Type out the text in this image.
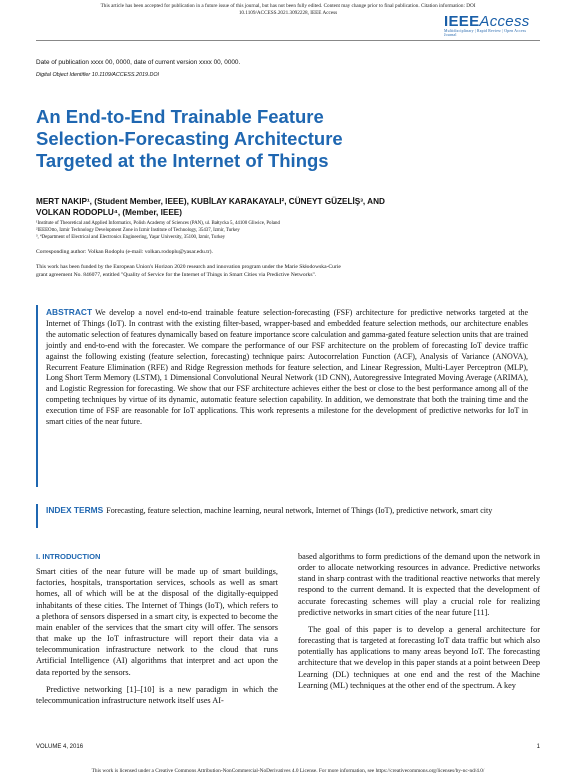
This article has been accepted for publication in a future issue of this journal, but has not been fully edited. Content may change prior to final publication. Citation information: DOI
10.1109/ACCESS.2021.3092228, IEEE Access	IEEEAccess
Multidisciplinary | Rapid Review | Open Access Journal
Date of publication xxxx 00, 0000, date of current version xxxx 00, 0000.
Digital Object Identifier 10.1109/ACCESS.2019.DOI
An End-to-End Trainable Feature
Selection-Forecasting Architecture
Targeted at the Internet of Things
MERT NAKIP¹, (Student Member, IEEE), KUBİLAY KARAKAYALI², CÜNEYT GÜZELİŞ³, AND
VOLKAN RODOPLU⁴, (Member, IEEE)
¹Institute of Theoretical and Applied Informatics, Polish Academy of Sciences (PAN), ul. Bałtycka 5, 44100 Gliwice, Poland
²IEEEOtto, Izmir Technology Development Zone in Izmir Institute of Technology, 35437, Izmir, Turkey
³, ⁴Department of Electrical and Electronics Engineering, Yaşar University, 35100, Izmir, Turkey
Corresponding author: Volkan Rodoplu (e-mail: volkan.rodoplu@yasar.edu.tr).
This work has been funded by the European Union's Horizon 2020 research and innovation program under the Marie Skłodowska-Curie
grant agreement No. 846077, entitled "Quality of Service for the Internet of Things in Smart Cities via Predictive Networks".
ABSTRACT We develop a novel end-to-end trainable feature selection-forecasting (FSF) architecture for predictive networks targeted at the Internet of Things (IoT). In contrast with the existing filter-based, wrapper-based and embedded feature selection methods, our architecture enables the automatic selection of features dynamically based on feature importance score calculation and gamma-gated feature selection units that are trained jointly and end-to-end with the forecaster. We compare the performance of our FSF architecture on the problem of forecasting IoT device traffic against the following existing (feature selection, forecasting) technique pairs: Autocorrelation Function (ACF), Analysis of Variance (ANOVA), Recurrent Feature Elimination (RFE) and Ridge Regression methods for feature selection, and Linear Regression, Multi-Layer Perceptron (MLP), Long Short Term Memory (LSTM), 1 Dimensional Convolutional Neural Network (1D CNN), Autoregressive Integrated Moving Average (ARIMA), and Logistic Regression for forecasting. We show that our FSF architecture achieves either the best or close to the best performance among all of the competing techniques by virtue of its dynamic, automatic feature selection capability. In addition, we demonstrate that both the training time and the execution time of FSF are reasonable for IoT applications. This work represents a milestone for the development of predictive networks for IoT in smart cities of the near future.
INDEX TERMS Forecasting, feature selection, machine learning, neural network, Internet of Things (IoT), predictive network, smart city
I. INTRODUCTION

Smart cities of the near future will be made up of smart buildings, factories, hospitals, transportation services, schools as well as smart homes, all of which will be at the disposal of the digitally-equipped inhabitants of these cities. The Internet of Things (IoT), which refers to a plethora of sensors dispersed in a smart city, is expected to become the main enabler of the services that the smart city will offer. The sensors that make up the IoT infrastructure will report their data via a telecommunication infrastructure network to the cloud that runs Artificial Intelligence (AI) algorithms that interpret and act upon the data reported by the sensors.

Predictive networking [1]–[10] is a new paradigm in which the telecommunication infrastructure network itself uses AI-

based algorithms to form predictions of the demand upon the network in order to allocate networking resources in advance. Predictive networks stand in sharp contrast with the traditional reactive networks that merely respond to the current demand. It is expected that the development of accurate forecasting schemes will play a crucial role for realizing predictive networks in smart cities of the near future [11].

The goal of this paper is to develop a general architecture for forecasting that is targeted at forecasting IoT data traffic but which also potentially has applications to many areas beyond IoT. The forecasting architecture that we develop in this paper stands at a point between Deep Learning (DL) techniques at one end and the rest of the Machine Learning (ML) techniques at the other end of the spectrum. A key

VOLUME 4, 2016	1
This work is licensed under a Creative Commons Attribution-NonCommercial-NoDerivatives 4.0 License. For more information, see https://creativecommons.org/licenses/by-nc-nd/4.0/
